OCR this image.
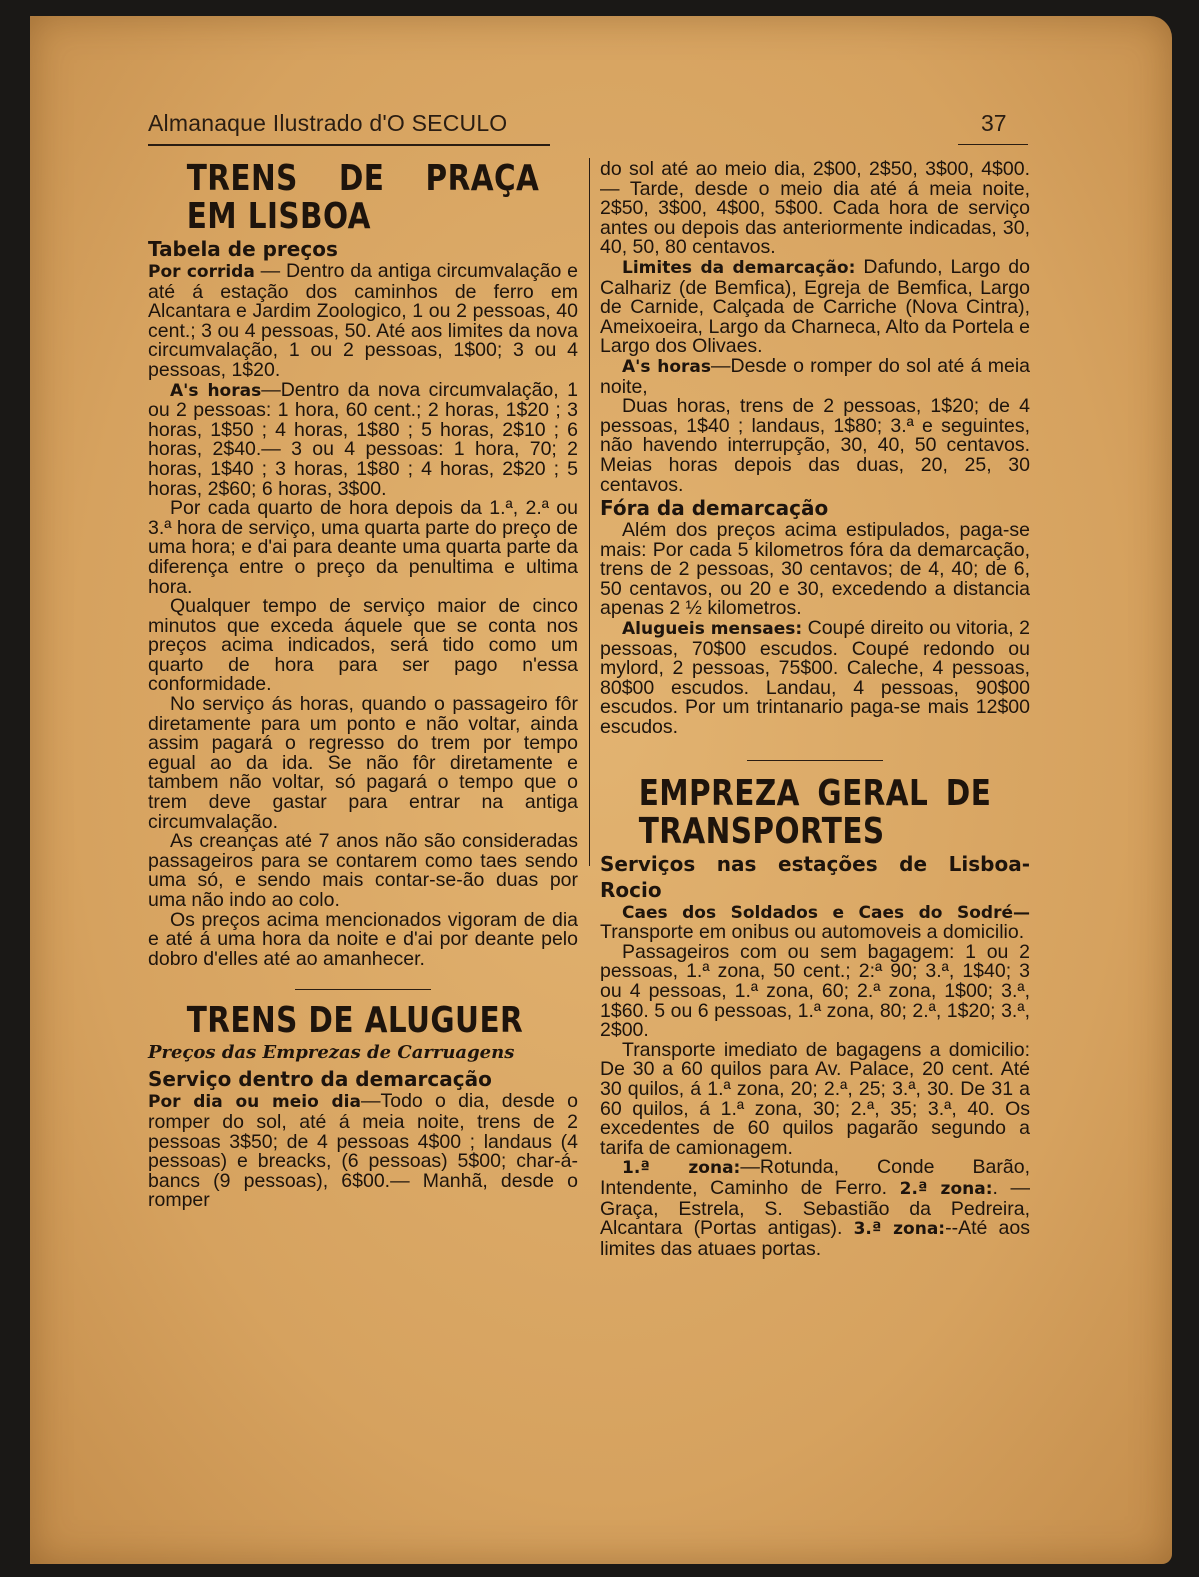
Almanaque Ilustrado d'O SECULO	37

TRENS DE PRAÇA EM LISBOA

Tabela de preços

Por corrida — Dentro da antiga circumvalação e até á estação dos caminhos de ferro em Alcantara e Jardim Zoologico, 1 ou 2 pessoas, 40 cent.; 3 ou 4 pessoas, 50. Até aos limites da nova circumvalação, 1 ou 2 pessoas, 1$00; 3 ou 4 pessoas, 1$20.

A's horas—Dentro da nova circumvalação, 1 ou 2 pessoas: 1 hora, 60 cent.; 2 horas, 1$20 ; 3 horas, 1$50 ; 4 horas, 1$80 ; 5 horas, 2$10 ; 6 horas, 2$40.— 3 ou 4 pessoas: 1 hora, 70; 2 horas, 1$40 ; 3 horas, 1$80 ; 4 horas, 2$20 ; 5 horas, 2$60; 6 horas, 3$00.

Por cada quarto de hora depois da 1.ª, 2.ª ou 3.ª hora de serviço, uma quarta parte do preço de uma hora; e d'ai para deante uma quarta parte da diferença entre o preço da penultima e ultima hora.

Qualquer tempo de serviço maior de cinco minutos que exceda áquele que se conta nos preços acima indicados, será tido como um quarto de hora para ser pago n'essa conformidade.

No serviço ás horas, quando o passageiro fôr diretamente para um ponto e não voltar, ainda assim pagará o regresso do trem por tempo egual ao da ida. Se não fôr diretamente e tambem não voltar, só pagará o tempo que o trem deve gastar para entrar na antiga circumvalação.

As creanças até 7 anos não são consideradas passageiros para se contarem como taes sendo uma só, e sendo mais contar-se-ão duas por uma não indo ao colo.

Os preços acima mencionados vigoram de dia e até á uma hora da noite e d'ai por deante pelo dobro d'elles até ao amanhecer.

TRENS DE ALUGUER

Preços das Emprezas de Carruagens

Serviço dentro da demarcação

Por dia ou meio dia—Todo o dia, desde o romper do sol, até á meia noite, trens de 2 pessoas 3$50; de 4 pessoas 4$00 ; landaus (4 pessoas) e breacks, (6 pessoas) 5$00; char-á-bancs (9 pessoas), 6$00.— Manhã, desde o romper

do sol até ao meio dia, 2$00, 2$50, 3$00, 4$00. — Tarde, desde o meio dia até á meia noite, 2$50, 3$00, 4$00, 5$00. Cada hora de serviço antes ou depois das anteriormente indicadas, 30, 40, 50, 80 centavos.

Limites da demarcação: Dafundo, Largo do Calhariz (de Bemfica), Egreja de Bemfica, Largo de Carnide, Calçada de Carriche (Nova Cintra), Ameixoeira, Largo da Charneca, Alto da Portela e Largo dos Olivaes.

A's horas—Desde o romper do sol até á meia noite,

Duas horas, trens de 2 pessoas, 1$20; de 4 pessoas, 1$40 ; landaus, 1$80; 3.ª e seguintes, não havendo interrupção, 30, 40, 50 centavos. Meias horas depois das duas, 20, 25, 30 centavos.

Fóra da demarcação

Além dos preços acima estipulados, paga-se mais: Por cada 5 kilometros fóra da demarcação, trens de 2 pessoas, 30 centavos; de 4, 40; de 6, 50 centavos, ou 20 e 30, excedendo a distancia apenas 2 ½ kilometros.

Alugueis mensaes: Coupé direito ou vitoria, 2 pessoas, 70$00 escudos. Coupé redondo ou mylord, 2 pessoas, 75$00. Caleche, 4 pessoas, 80$00 escudos. Landau, 4 pessoas, 90$00 escudos. Por um trintanario paga-se mais 12$00 escudos.

EMPREZA GERAL DE TRANSPORTES

Serviços nas estações de Lisboa-Rocio

Caes dos Soldados e Caes do Sodré— Transporte em onibus ou automoveis a domicilio.

Passageiros com ou sem bagagem: 1 ou 2 pessoas, 1.ª zona, 50 cent.; 2:ª 90; 3.ª, 1$40; 3 ou 4 pessoas, 1.ª zona, 60; 2.ª zona, 1$00; 3.ª, 1$60. 5 ou 6 pessoas, 1.ª zona, 80; 2.ª, 1$20; 3.ª, 2$00.

Transporte imediato de bagagens a domicilio: De 30 a 60 quilos para Av. Palace, 20 cent. Até 30 quilos, á 1.ª zona, 20; 2.ª, 25; 3.ª, 30. De 31 a 60 quilos, á 1.ª zona, 30; 2.ª, 35; 3.ª, 40. Os excedentes de 60 quilos pagarão segundo a tarifa de camionagem.

1.ª zona:—Rotunda, Conde Barão, Intendente, Caminho de Ferro. 2.ª zona:. —Graça, Estrela, S. Sebastião da Pedreira, Alcantara (Portas antigas). 3.ª zona:--Até aos limites das atuaes portas.
